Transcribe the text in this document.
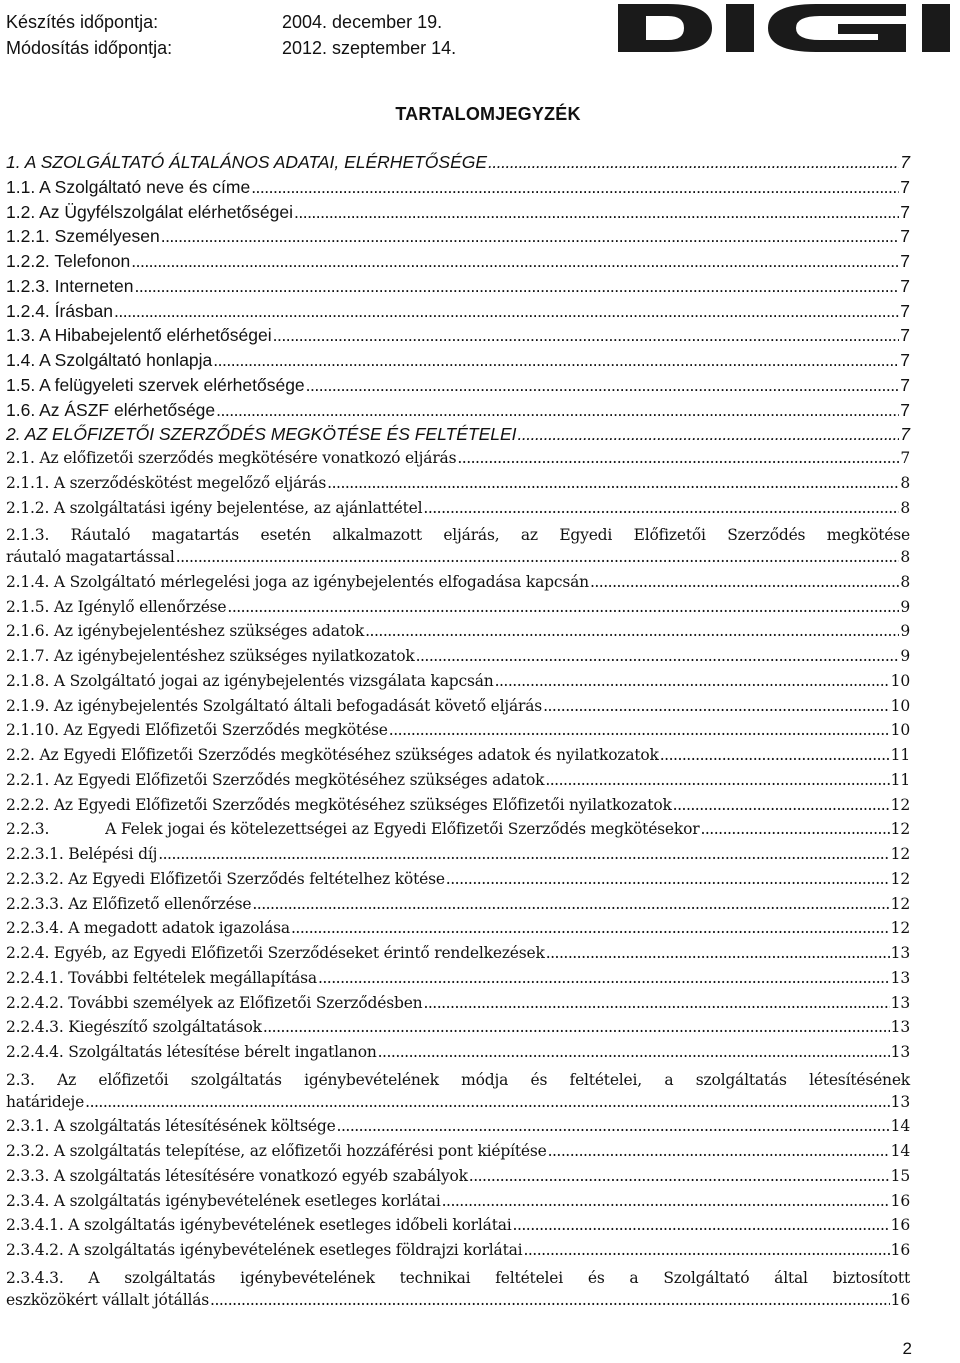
Készítés időpontja:	2004. december 19.
Módosítás időpontja:	2012. szeptember 14.
TARTALOMJEGYZÉK
1. A SZOLGÁLTATÓ ÁLTALÁNOS ADATAI, ELÉRHETŐSÉGE .....	7
1.1. A Szolgáltató neve és címe .....	7
1.2. Az Ügyfélszolgálat elérhetőségei .....	7
1.2.1. Személyesen .....	7
1.2.2. Telefonon .....	7
1.2.3. Interneten .....	7
1.2.4. Írásban .....	7
1.3. A Hibabejelentő elérhetőségei .....	7
1.4. A Szolgáltató honlapja .....	7
1.5. A felügyeleti szervek elérhetősége .....	7
1.6. Az ÁSZF elérhetősége .....	7
2. AZ ELŐFIZETŐI SZERZŐDÉS MEGKÖTÉSE ÉS FELTÉTELEI .....	7
2.1. Az előfizetői szerződés megkötésére vonatkozó eljárás .....	7
2.1.1. A szerződéskötést megelőző eljárás .....	8
2.1.2. A szolgáltatási igény bejelentése, az ajánlattétel .....	8
2.1.3. Ráutaló magatartás esetén alkalmazott eljárás, az Egyedi Előfizetői Szerződés megkötése
ráutaló magatartással .....	8
2.1.4. A Szolgáltató mérlegelési joga az igénybejelentés elfogadása kapcsán .....	8
2.1.5. Az Igénylő ellenőrzése .....	9
2.1.6. Az igénybejelentéshez szükséges adatok .....	9
2.1.7. Az igénybejelentéshez szükséges nyilatkozatok .....	9
2.1.8. A Szolgáltató jogai az igénybejelentés vizsgálata kapcsán .....	10
2.1.9. Az igénybejelentés Szolgáltató általi befogadását követő eljárás .....	10
2.1.10. Az Egyedi Előfizetői Szerződés megkötése .....	10
2.2. Az Egyedi Előfizetői Szerződés megkötéséhez szükséges adatok és nyilatkozatok .....	11
2.2.1. Az Egyedi Előfizetői Szerződés megkötéséhez szükséges adatok .....	11
2.2.2. Az Egyedi Előfizetői Szerződés megkötéséhez szükséges Előfizetői nyilatkozatok .....	12
2.2.3.	A Felek jogai és kötelezettségei az Egyedi Előfizetői Szerződés megkötésekor .....	12
2.2.3.1. Belépési díj .....	12
2.2.3.2. Az Egyedi Előfizetői Szerződés feltételhez kötése .....	12
2.2.3.3. Az Előfizető ellenőrzése .....	12
2.2.3.4. A megadott adatok igazolása .....	12
2.2.4. Egyéb, az Egyedi Előfizetői Szerződéseket érintő rendelkezések .....	13
2.2.4.1. További feltételek megállapítása .....	13
2.2.4.2. További személyek az Előfizetői Szerződésben .....	13
2.2.4.3. Kiegészítő szolgáltatások .....	13
2.2.4.4. Szolgáltatás létesítése bérelt ingatlanon .....	13
2.3. Az előfizetői szolgáltatás igénybevételének módja és feltételei, a szolgáltatás létesítésének
határideje .....	13
2.3.1. A szolgáltatás létesítésének költsége .....	14
2.3.2. A szolgáltatás telepítése, az előfizetői hozzáférési pont kiépítése .....	14
2.3.3. A szolgáltatás létesítésére vonatkozó egyéb szabályok .....	15
2.3.4. A szolgáltatás igénybevételének esetleges korlátai .....	16
2.3.4.1. A szolgáltatás igénybevételének esetleges időbeli korlátai .....	16
2.3.4.2. A szolgáltatás igénybevételének esetleges földrajzi korlátai .....	16
2.3.4.3. A szolgáltatás igénybevételének technikai feltételei és a Szolgáltató által biztosított
eszközökért vállalt jótállás .....	16
2
